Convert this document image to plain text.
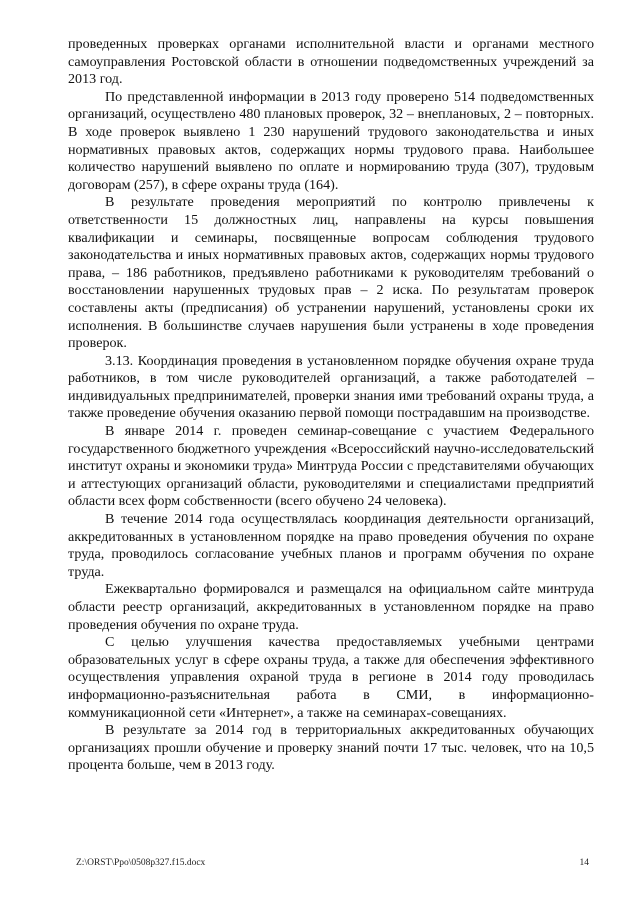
проведенных проверках органами исполнительной власти и органами местного самоуправления Ростовской области в отношении подведомственных учреждений за 2013 год.

По представленной информации в 2013 году проверено 514 подведомственных организаций, осуществлено 480 плановых проверок, 32 – внеплановых, 2 – повторных. В ходе проверок выявлено 1 230 нарушений трудового законодательства и иных нормативных правовых актов, содержащих нормы трудового права. Наибольшее количество нарушений выявлено по оплате и нормированию труда (307), трудовым договорам (257), в сфере охраны труда (164).

В результате проведения мероприятий по контролю привлечены к ответственности 15 должностных лиц, направлены на курсы повышения квалификации и семинары, посвященные вопросам соблюдения трудового законодательства и иных нормативных правовых актов, содержащих нормы трудового права, – 186 работников, предъявлено работниками к руководителям требований о восстановлении нарушенных трудовых прав – 2 иска. По результатам проверок составлены акты (предписания) об устранении нарушений, установлены сроки их исполнения. В большинстве случаев нарушения были устранены в ходе проведения проверок.

3.13. Координация проведения в установленном порядке обучения охране труда работников, в том числе руководителей организаций, а также работодателей – индивидуальных предпринимателей, проверки знания ими требований охраны труда, а также проведение обучения оказанию первой помощи пострадавшим на производстве.

В январе 2014 г. проведен семинар-совещание с участием Федерального государственного бюджетного учреждения «Всероссийский научно-исследовательский институт охраны и экономики труда» Минтруда России с представителями обучающих и аттестующих организаций области, руководителями и специалистами предприятий области всех форм собственности (всего обучено 24 человека).

В течение 2014 года осуществлялась координация деятельности организаций, аккредитованных в установленном порядке на право проведения обучения по охране труда, проводилось согласование учебных планов и программ обучения по охране труда.

Ежеквартально формировался и размещался на официальном сайте минтруда области реестр организаций, аккредитованных в установленном порядке на право проведения обучения по охране труда.

С целью улучшения качества предоставляемых учебными центрами образовательных услуг в сфере охраны труда, а также для обеспечения эффективного осуществления управления охраной труда в регионе в 2014 году проводилась информационно-разъяснительная работа в СМИ, в информационно-коммуникационной сети «Интернет», а также на семинарах-совещаниях.

В результате за 2014 год в территориальных аккредитованных обучающих организациях прошли обучение и проверку знаний почти 17 тыс. человек, что на 10,5 процента больше, чем в 2013 году.

Z:\ORST\Ppo\0508p327.f15.docx	14
